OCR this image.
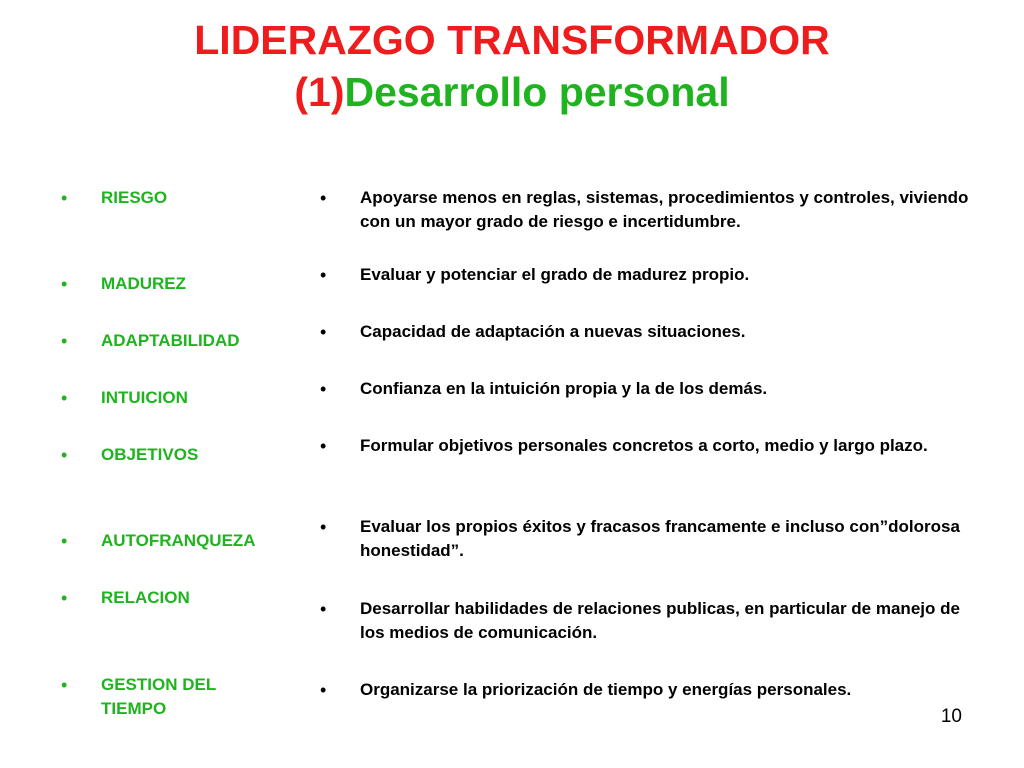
LIDERAZGO TRANSFORMADOR
(1)Desarrollo personal
• RIESGO
• MADUREZ
• ADAPTABILIDAD
• INTUICION
• OBJETIVOS
• AUTOFRANQUEZA
• RELACION
• GESTION DEL TIEMPO
• Apoyarse menos en reglas, sistemas, procedimientos y controles, viviendo con un mayor grado de riesgo e incertidumbre.
• Evaluar y potenciar el grado de madurez propio.
• Capacidad de adaptación a nuevas situaciones.
• Confianza en la intuición propia y la de los demás.
• Formular objetivos personales concretos a corto, medio y largo plazo.
• Evaluar los propios éxitos y fracasos francamente e incluso con”dolorosa honestidad”.
• Desarrollar habilidades de relaciones publicas, en particular de manejo de los medios de comunicación.
• Organizarse la priorización de tiempo y energías personales.
10
